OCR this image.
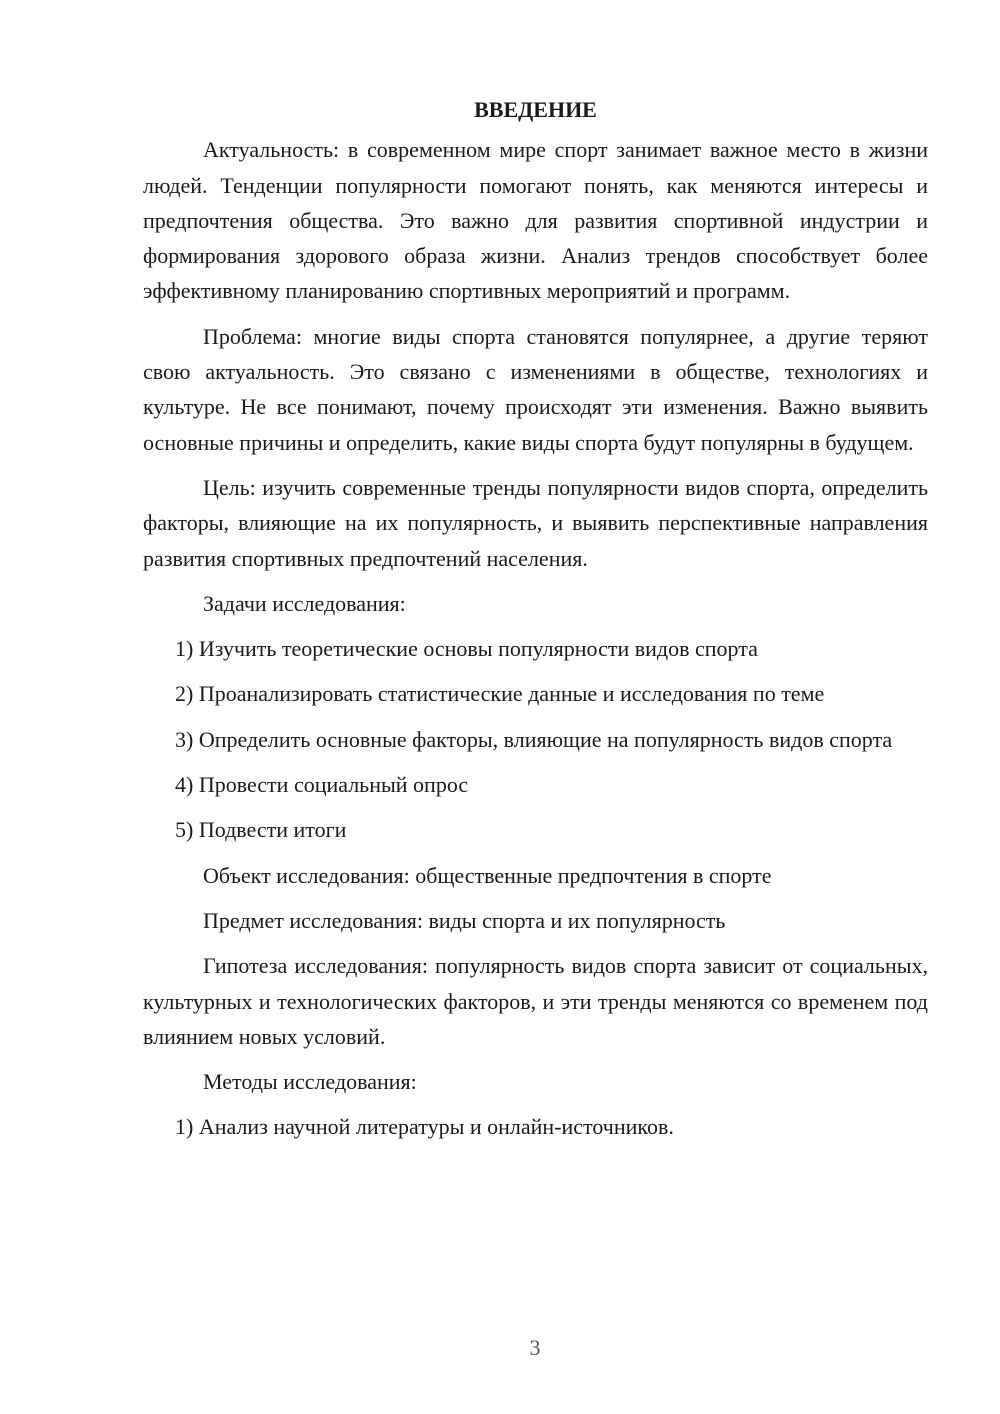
ВВЕДЕНИЕ

Актуальность: в современном мире спорт занимает важное место в жизни людей. Тенденции популярности помогают понять, как меняются интересы и предпочтения общества. Это важно для развития спортивной индустрии и формирования здорового образа жизни. Анализ трендов способствует более эффективному планированию спортивных мероприятий и программ.

Проблема: многие виды спорта становятся популярнее, а другие теряют свою актуальность. Это связано с изменениями в обществе, технологиях и культуре. Не все понимают, почему происходят эти изменения. Важно выявить основные причины и определить, какие виды спорта будут популярны в будущем.

Цель: изучить современные тренды популярности видов спорта, определить факторы, влияющие на их популярность, и выявить перспективные направления развития спортивных предпочтений населения.

Задачи исследования:

1) Изучить теоретические основы популярности видов спорта

2) Проанализировать статистические данные и исследования по теме

3) Определить основные факторы, влияющие на популярность видов спорта

4) Провести социальный опрос

5) Подвести итоги

Объект исследования: общественные предпочтения в спорте

Предмет исследования: виды спорта и их популярность

Гипотеза исследования: популярность видов спорта зависит от социальных, культурных и технологических факторов, и эти тренды меняются со временем под влиянием новых условий.

Методы исследования:

1) Анализ научной литературы и онлайн-источников.

3
